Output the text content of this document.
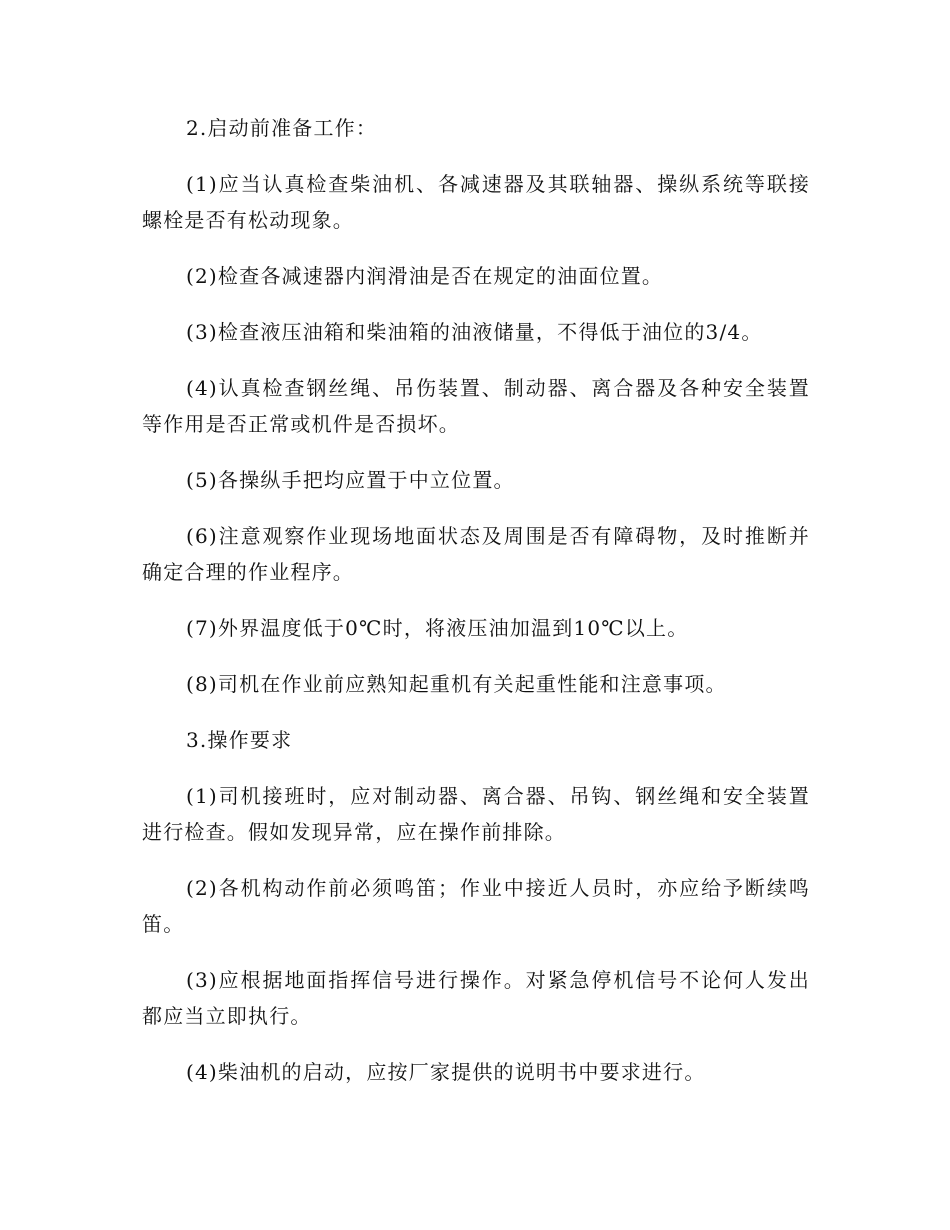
2.启动前准备工作：

(1)应当认真检查柴油机、各减速器及其联轴器、操纵系统等联接螺栓是否有松动现象。

(2)检查各减速器内润滑油是否在规定的油面位置。

(3)检查液压油箱和柴油箱的油液储量，不得低于油位的3/4。

(4)认真检查钢丝绳、吊伤装置、制动器、离合器及各种安全装置等作用是否正常或机件是否损坏。

(5)各操纵手把均应置于中立位置。

(6)注意观察作业现场地面状态及周围是否有障碍物，及时推断并确定合理的作业程序。

(7)外界温度低于0℃时，将液压油加温到10℃以上。

(8)司机在作业前应熟知起重机有关起重性能和注意事项。

3.操作要求

(1)司机接班时，应对制动器、离合器、吊钩、钢丝绳和安全装置进行检查。假如发现异常，应在操作前排除。

(2)各机构动作前必须鸣笛；作业中接近人员时，亦应给予断续鸣笛。

(3)应根据地面指挥信号进行操作。对紧急停机信号不论何人发出都应当立即执行。

(4)柴油机的启动，应按厂家提供的说明书中要求进行。
